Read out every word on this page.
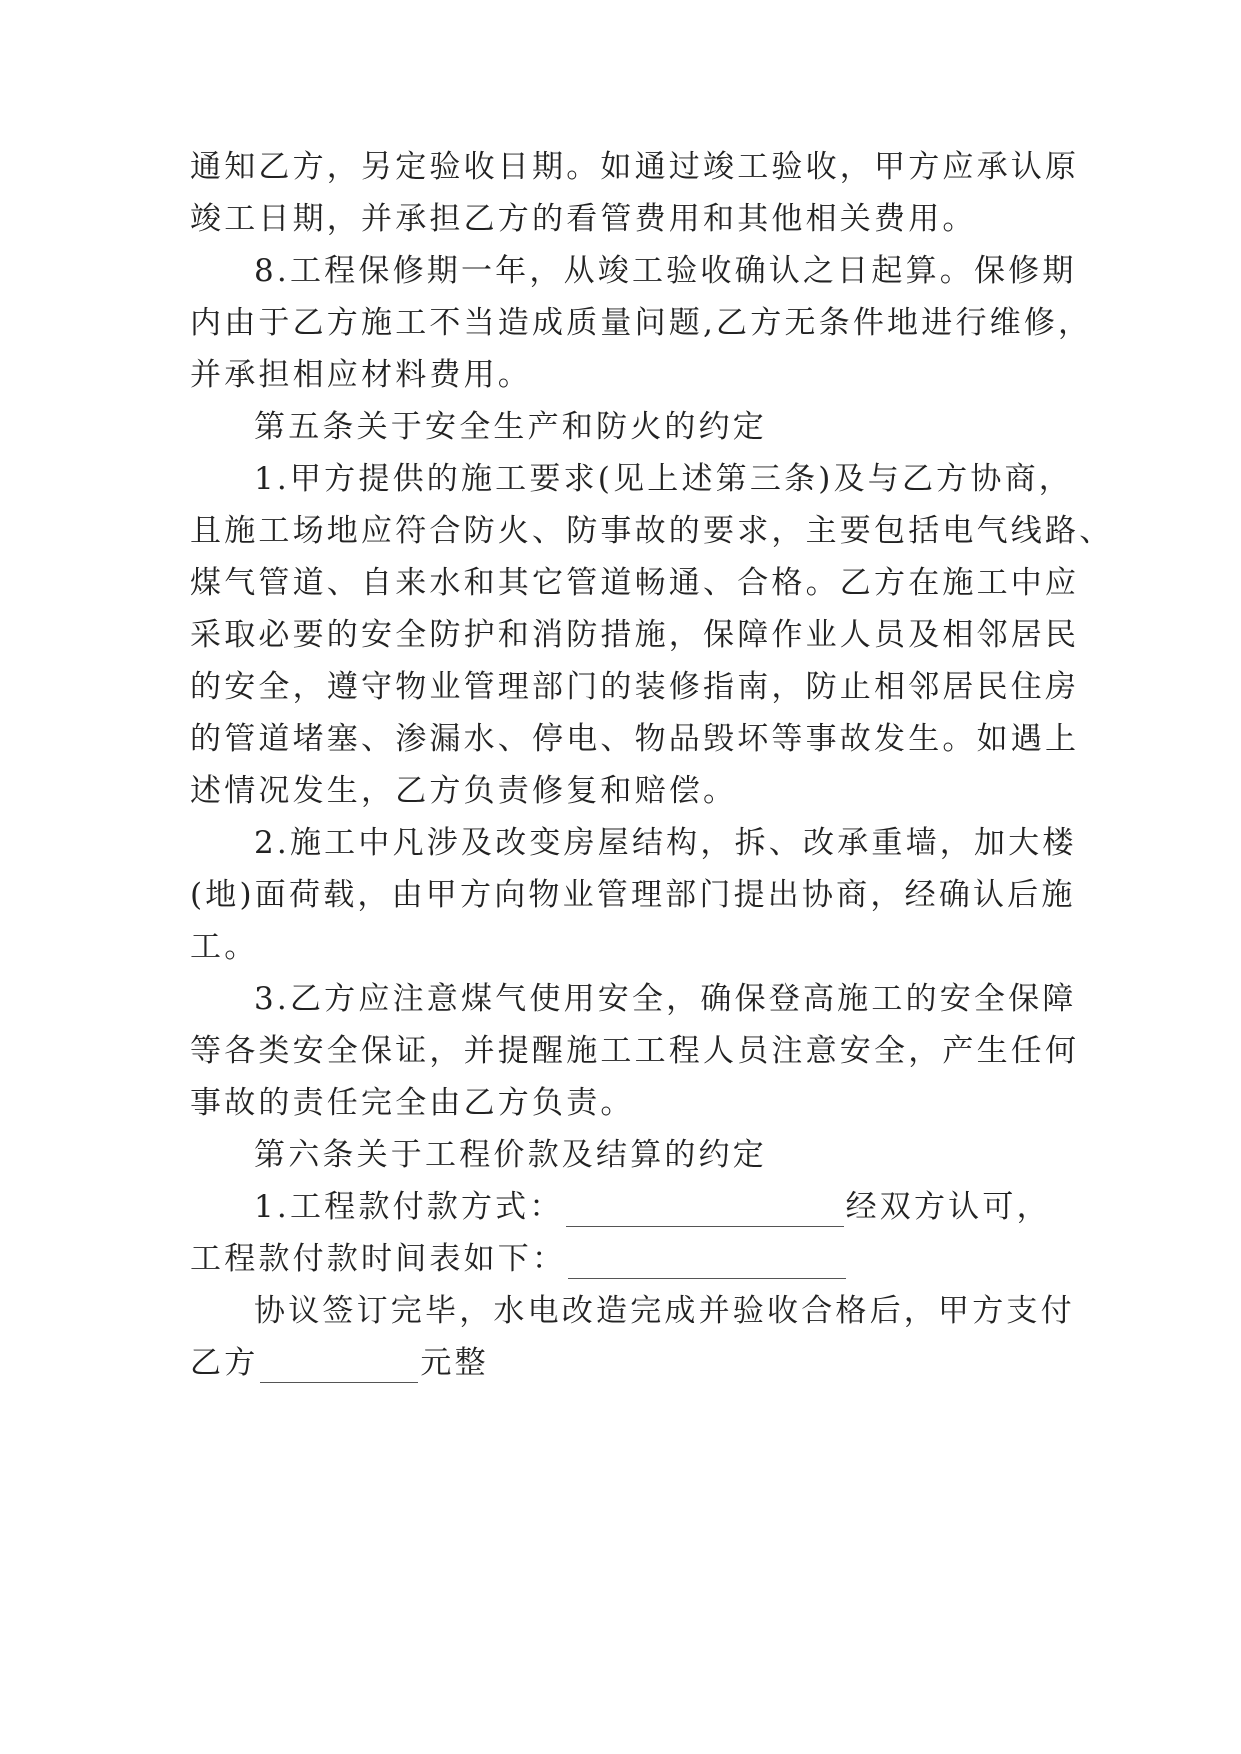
通知乙方，另定验收日期。如通过竣工验收，甲方应承认原
竣工日期，并承担乙方的看管费用和其他相关费用。
8.工程保修期一年，从竣工验收确认之日起算。保修期
内由于乙方施工不当造成质量问题,乙方无条件地进行维修，
并承担相应材料费用。
第五条关于安全生产和防火的约定
1.甲方提供的施工要求(见上述第三条)及与乙方协商，
且施工场地应符合防火、防事故的要求，主要包括电气线路、
煤气管道、自来水和其它管道畅通、合格。乙方在施工中应
采取必要的安全防护和消防措施，保障作业人员及相邻居民
的安全，遵守物业管理部门的装修指南，防止相邻居民住房
的管道堵塞、渗漏水、停电、物品毁坏等事故发生。如遇上
述情况发生，乙方负责修复和赔偿。
2.施工中凡涉及改变房屋结构，拆、改承重墙，加大楼
(地)面荷载，由甲方向物业管理部门提出协商，经确认后施
工。
3.乙方应注意煤气使用安全，确保登高施工的安全保障
等各类安全保证，并提醒施工工程人员注意安全，产生任何
事故的责任完全由乙方负责。
第六条关于工程价款及结算的约定
1.工程款付款方式：	经双方认可，
工程款付款时间表如下：
协议签订完毕，水电改造完成并验收合格后，甲方支付
乙方	元整
